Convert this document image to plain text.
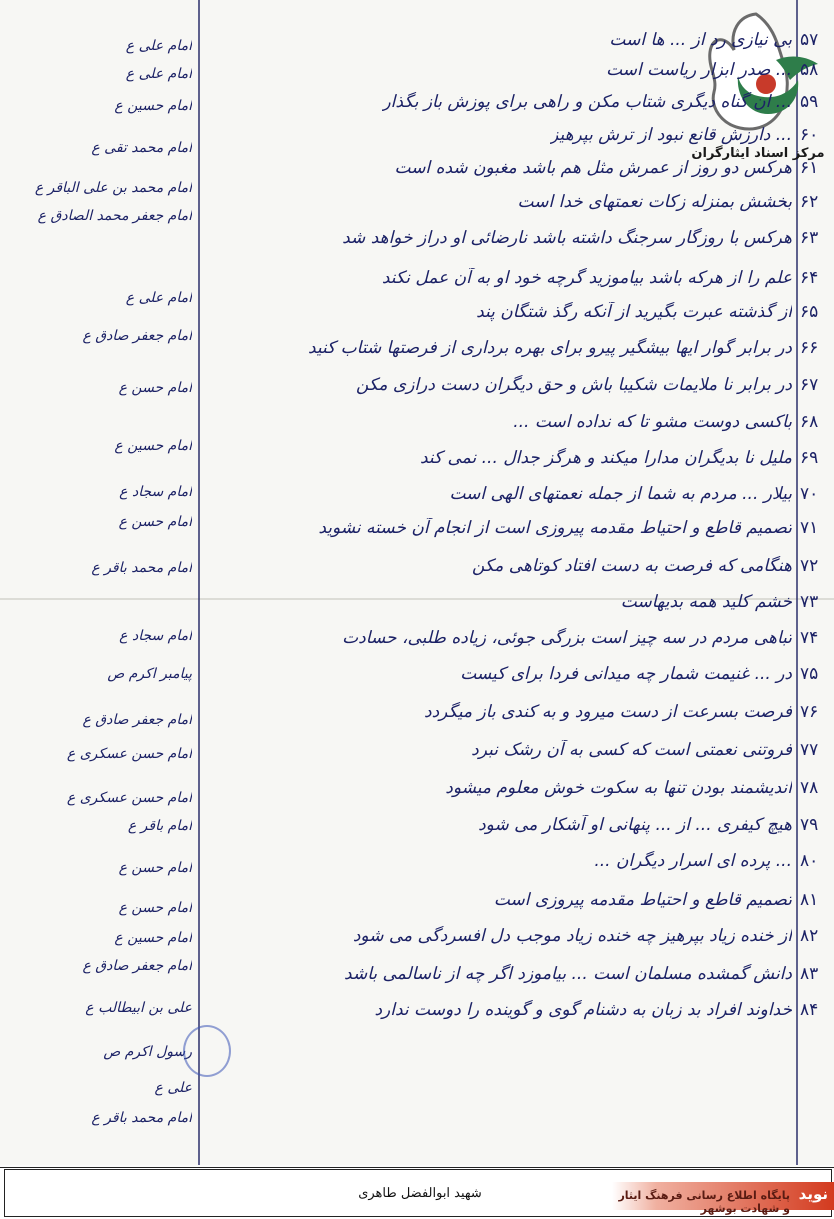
مرکز اسناد ایثارگران
۵۷
بی نیازی رد از ... ها است
۵۸
... صدر ابزار ریاست است
۵۹
... ان گناه دیگری شتاب مکن و راهی برای پوزش باز بگذار
۶۰
... دارزش قانع نبود از ترش بپرهیز
۶۱
هرکس دو روز از عمرش مثل هم باشد مغبون شده است
۶۲
بخشش بمنزله زکات نعمتهای خدا است
۶۳
هرکس با روزگار سرجنگ داشته باشد نارضائی او دراز خواهد شد
۶۴
علم را از هرکه باشد بیاموزید گرچه خود او به آن عمل نکند
۶۵
از گذشته عبرت بگیرید از آنکه رگذ شتگان پند
۶۶
در برابر گوار ایها بیشگیر پیرو برای بهره برداری از فرصتها شتاب کنید
۶۷
در برابر نا ملایمات شکیبا باش و حق دیگران دست درازی مکن
۶۸
باکسی دوست مشو تا که نداده است ...
۶۹
ملیل نا بدیگران مدارا میکند و هرگز جدال ... نمی کند
۷۰
بیلار ... مردم به شما از جمله نعمتهای الهی است
۷۱
تصمیم قاطع و احتیاط مقدمه پیروزی است از انجام آن خسته نشوید
۷۲
هنگامی که فرصت به دست افتاد کوتاهی مکن
۷۳
خشم کلید همه بدیهاست
۷۴
تباهی مردم در سه چیز است بزرگی جوئی، زیاده طلبی، حسادت
۷۵
در ... غنیمت شمار چه میدانی فردا برای کیست
۷۶
فرصت بسرعت از دست میرود و به کندی باز میگردد
۷۷
فروتنی نعمتی است که کسی به آن رشک نبرد
۷۸
اندیشمند بودن تنها به سکوت خوش معلوم میشود
۷۹
هیچ کیفری ... از ... پنهانی او آشکار می شود
۸۰
... پرده ای اسرار دیگران ...
۸۱
تصمیم قاطع و احتیاط مقدمه پیروزی است
۸۲
از خنده زیاد بپرهیز چه خنده زیاد موجب دل افسردگی می شود
۸۳
دانش گمشده مسلمان است ... بیاموزد اگر چه از ناسالمی باشد
۸۴
خداوند افراد بد زبان به دشنام گوی و گوینده را دوست ندارد
امام علی ع
امام علی ع
امام حسین ع
امام محمد تقی ع
امام محمد بن علی الباقر ع
امام جعفر محمد الصادق ع
امام علی ع
امام جعفر صادق ع
امام حسن ع
امام حسین ع
امام سجاد ع
امام حسن ع
امام محمد باقر ع
امام سجاد ع
پیامبر اکرم ص
امام جعفر صادق ع
امام حسن عسکری ع
امام حسن عسکری ع
امام باقر ع
امام حسن ع
امام حسن ع
امام حسین ع
امام جعفر صادق ع
علی بن ابیطالب ع
رسول اکرم ص
علی ع
امام محمد باقر ع
شهید ابوالفضل طاهری	پایگاه اطلاع رسانی فرهنگ ایثار و شهادت بوشهر
نوید
